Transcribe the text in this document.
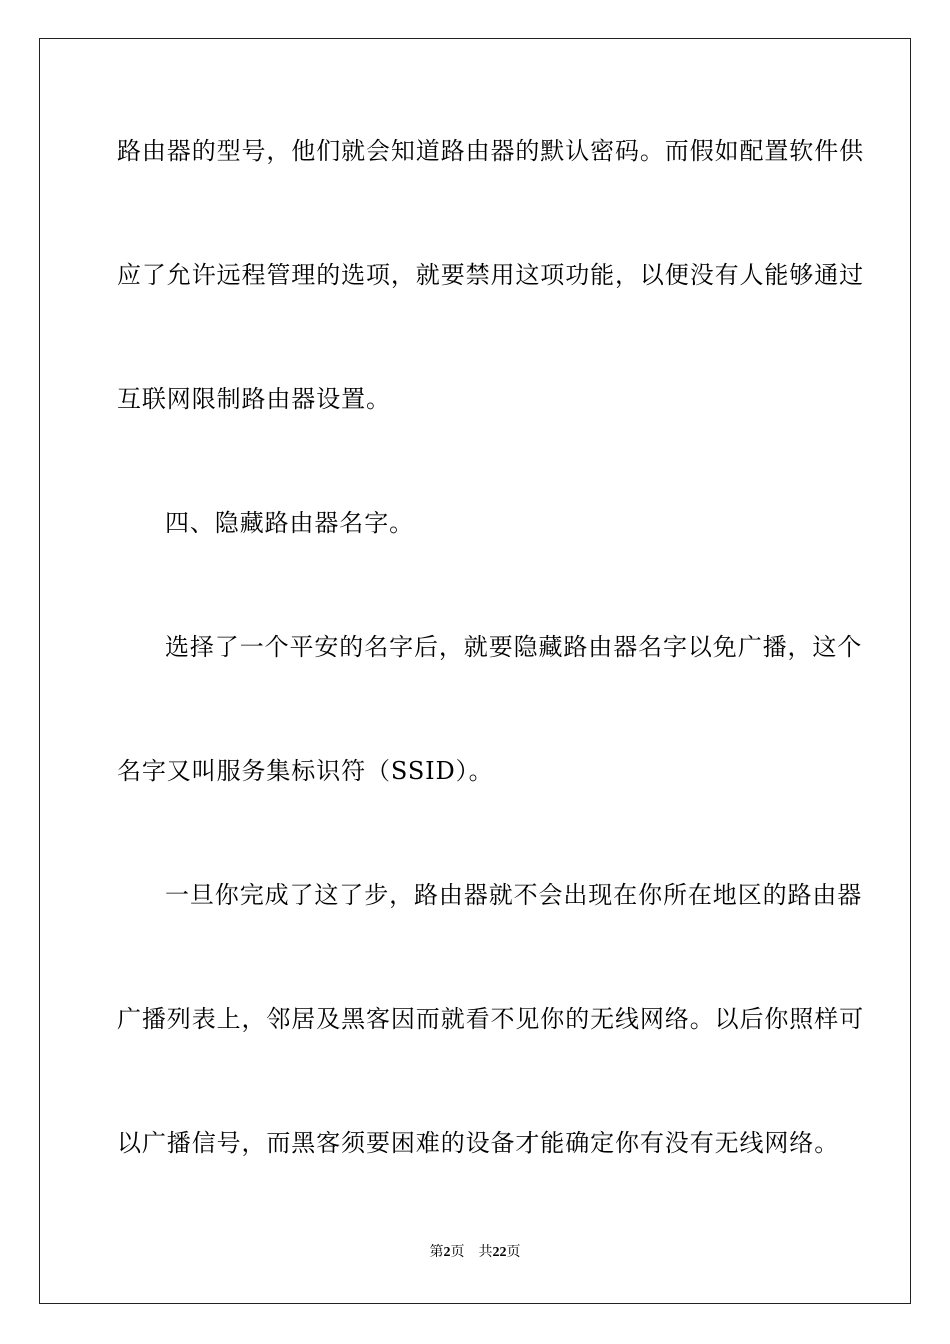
路由器的型号，他们就会知道路由器的默认密码。而假如配置软件供
应了允许远程管理的选项，就要禁用这项功能，以便没有人能够通过
互联网限制路由器设置。
四、隐藏路由器名字。
选择了一个平安的名字后，就要隐藏路由器名字以免广播，这个
名字又叫服务集标识符（SSID）。
一旦你完成了这了步，路由器就不会出现在你所在地区的路由器
广播列表上，邻居及黑客因而就看不见你的无线网络。以后你照样可
以广播信号，而黑客须要困难的设备才能确定你有没有无线网络。
第2页 共22页
